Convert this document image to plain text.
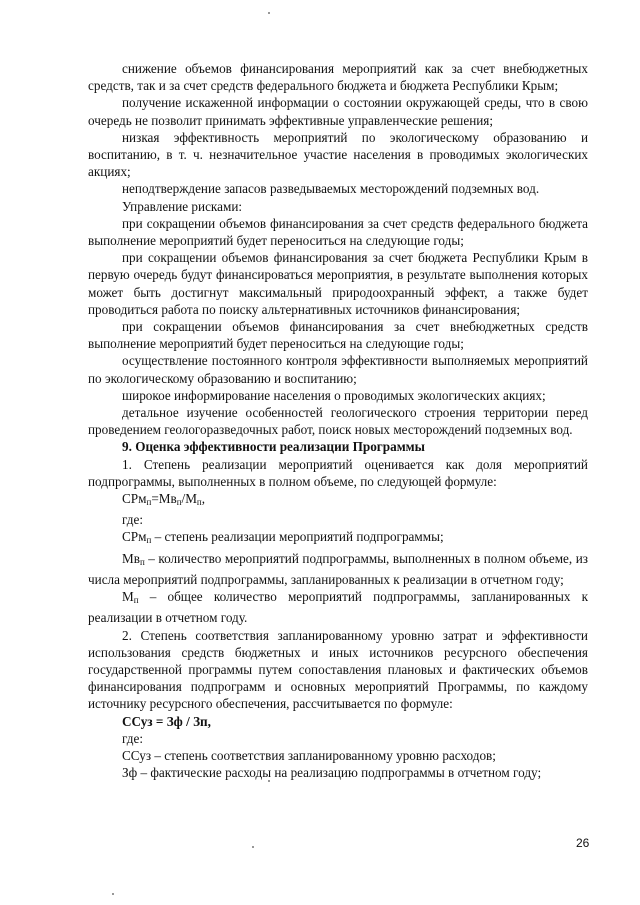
снижение объемов финансирования мероприятий как за счет внебюджетных средств, так и за счет средств федерального бюджета и бюджета Республики Крым;

получение искаженной информации о состоянии окружающей среды, что в свою очередь не позволит принимать эффективные управленческие решения;

низкая эффективность мероприятий по экологическому образованию и воспитанию, в т. ч. незначительное участие населения в проводимых экологических акциях;

неподтверждение запасов разведываемых месторождений подземных вод.

Управление рисками:

при сокращении объемов финансирования за счет средств федерального бюджета выполнение мероприятий будет переноситься на следующие годы;

при сокращении объемов финансирования за счет бюджета Республики Крым в первую очередь будут финансироваться мероприятия, в результате выполнения которых может быть достигнут максимальный природоохранный эффект, а также будет проводиться работа по поиску альтернативных источников финансирования;

при сокращении объемов финансирования за счет внебюджетных средств выполнение мероприятий будет переноситься на следующие годы;

осуществление постоянного контроля эффективности выполняемых мероприятий по экологическому образованию и воспитанию;

широкое информирование населения о проводимых экологических акциях;

детальное изучение особенностей геологического строения территории перед проведением геологоразведочных работ, поиск новых месторождений подземных вод.

9. Оценка эффективности реализации Программы

1. Степень реализации мероприятий оценивается как доля мероприятий подпрограммы, выполненных в полном объеме, по следующей формуле:

$СРм_п=Мв_п/М_п$,

где:

СРм$_п$ – степень реализации мероприятий подпрограммы;

$Мв_п$ – количество мероприятий подпрограммы, выполненных в полном объеме, из числа мероприятий подпрограммы, запланированных к реализации в отчетном году;

$М_п$ – общее количество мероприятий подпрограммы, запланированных к реализации в отчетном году.

2. Степень соответствия запланированному уровню затрат и эффективности использования средств бюджетных и иных источников ресурсного обеспечения государственной программы путем сопоставления плановых и фактических объемов финансирования подпрограмм и основных мероприятий Программы, по каждому источнику ресурсного обеспечения, рассчитывается по формуле:

ССуз = Зф / Зп,

где:

ССуз – степень соответствия запланированному уровню расходов;

Зф – фактические расходы на реализацию подпрограммы в отчетном году;

26
